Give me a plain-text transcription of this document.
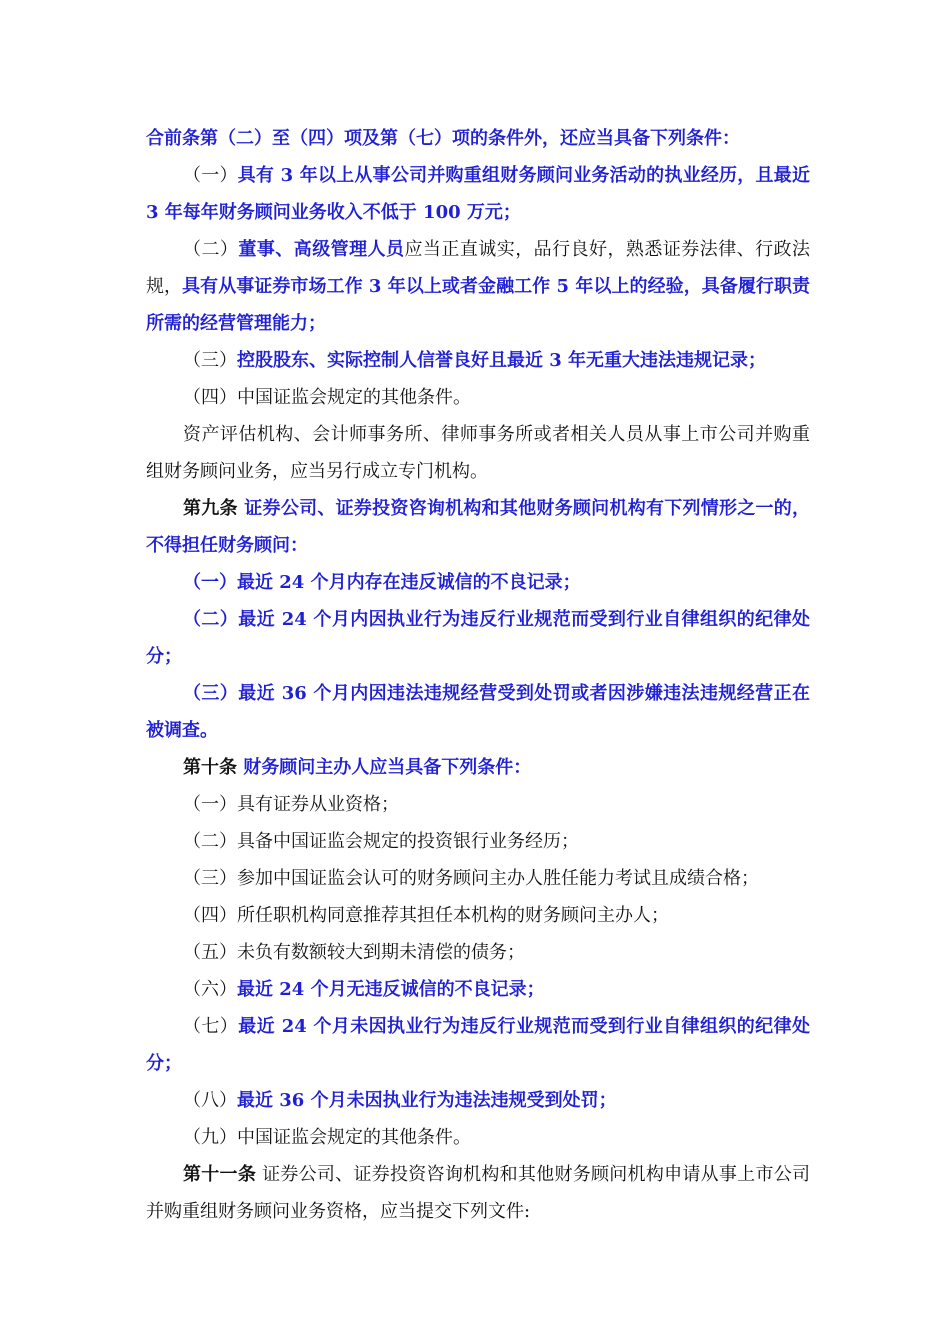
合前条第（二）至（四）项及第（七）项的条件外，还应当具备下列条件：

（一）具有 3 年以上从事公司并购重组财务顾问业务活动的执业经历，且最近 3 年每年财务顾问业务收入不低于 100 万元；

（二）董事、高级管理人员应当正直诚实，品行良好，熟悉证券法律、行政法规，具有从事证券市场工作 3 年以上或者金融工作 5 年以上的经验，具备履行职责所需的经营管理能力；

（三）控股股东、实际控制人信誉良好且最近 3 年无重大违法违规记录；

（四）中国证监会规定的其他条件。

资产评估机构、会计师事务所、律师事务所或者相关人员从事上市公司并购重组财务顾问业务，应当另行成立专门机构。

第九条 证券公司、证券投资咨询机构和其他财务顾问机构有下列情形之一的，不得担任财务顾问：

（一）最近 24 个月内存在违反诚信的不良记录；

（二）最近 24 个月内因执业行为违反行业规范而受到行业自律组织的纪律处分；

（三）最近 36 个月内因违法违规经营受到处罚或者因涉嫌违法违规经营正在被调查。

第十条 财务顾问主办人应当具备下列条件：

（一）具有证券从业资格；

（二）具备中国证监会规定的投资银行业务经历；

（三）参加中国证监会认可的财务顾问主办人胜任能力考试且成绩合格；

（四）所任职机构同意推荐其担任本机构的财务顾问主办人；

（五）未负有数额较大到期未清偿的债务；

（六）最近 24 个月无违反诚信的不良记录；

（七）最近 24 个月未因执业行为违反行业规范而受到行业自律组织的纪律处分；

（八）最近 36 个月未因执业行为违法违规受到处罚；

（九）中国证监会规定的其他条件。

第十一条 证券公司、证券投资咨询机构和其他财务顾问机构申请从事上市公司并购重组财务顾问业务资格，应当提交下列文件:
